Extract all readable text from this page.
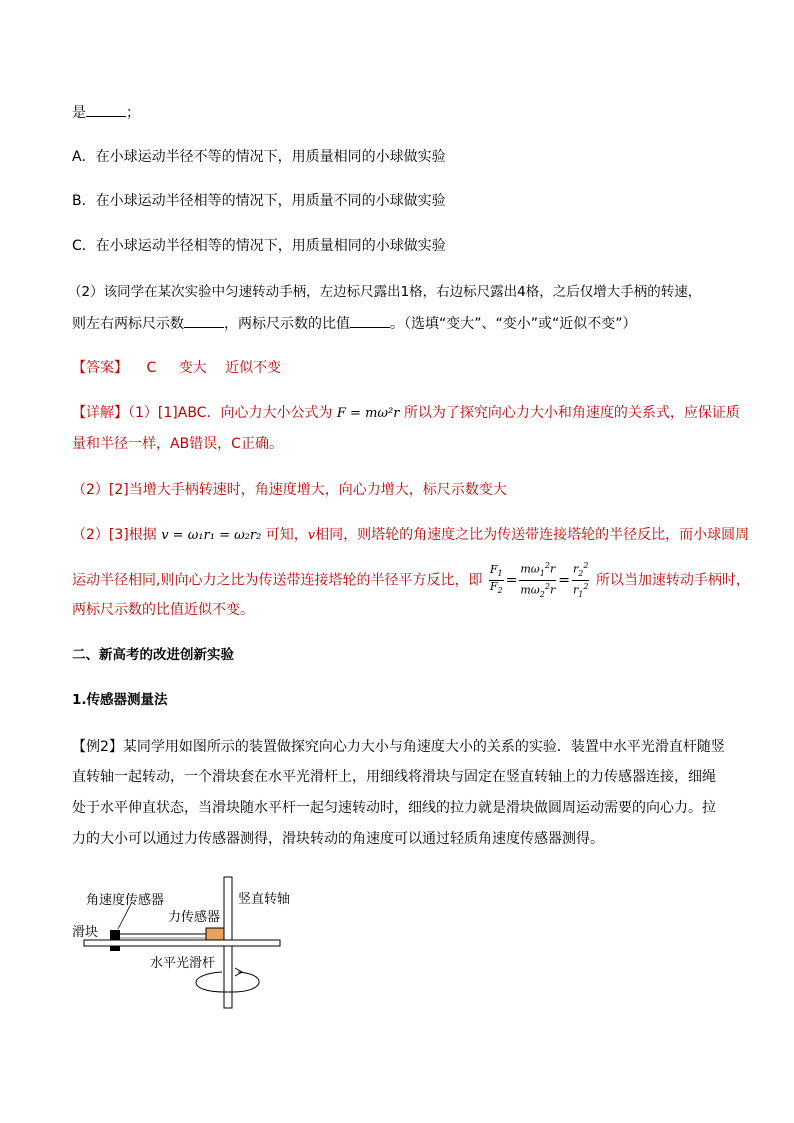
是	；
A．在小球运动半径不等的情况下，用质量相同的小球做实验
B．在小球运动半径相等的情况下，用质量不同的小球做实验
C．在小球运动半径相等的情况下，用质量相同的小球做实验
（2）该同学在某次实验中匀速转动手柄，左边标尺露出1格，右边标尺露出4格，之后仅增大手柄的转速，
则左右两标尺示数	，两标尺示数的比值	。（选填“变大”、“变小”或“近似不变”）
【答案】 C 变大 近似不变
【详解】（1）[1]ABC．向心力大小公式为 F = mω²r 所以为了探究向心力大小和角速度的关系式，应保证质
量和半径一样，AB错误，C正确。
（2）[2]当增大手柄转速时，角速度增大，向心力增大，标尺示数变大
（2）[3]根据 v = ω₁r₁ = ω₂r₂ 可知，v相同，则塔轮的角速度之比为传送带连接塔轮的半径反比，而小球圆周
运动半径相同,则向心力之比为传送带连接塔轮的半径平方反比，即 $\frac{F_1}{F_2} = \frac{m\omega_1^2r}{m\omega_2^2r} = \frac{r_2^2}{r_1^2}$ 所以当加速转动手柄时，
两标尺示数的比值近似不变。
二、新高考的改进创新实验
1.传感器测量法
【例2】某同学用如图所示的装置做探究向心力大小与角速度大小的关系的实验．装置中水平光滑直杆随竖
直转轴一起转动，一个滑块套在水平光滑杆上，用细线将滑块与固定在竖直转轴上的力传感器连接，细绳
处于水平伸直状态，当滑块随水平杆一起匀速转动时，细线的拉力就是滑块做圆周运动需要的向心力。拉
力的大小可以通过力传感器测得，滑块转动的角速度可以通过轻质角速度传感器测得。
角速度传感器
力传感器
滑块
竖直转轴
水平光滑杆
